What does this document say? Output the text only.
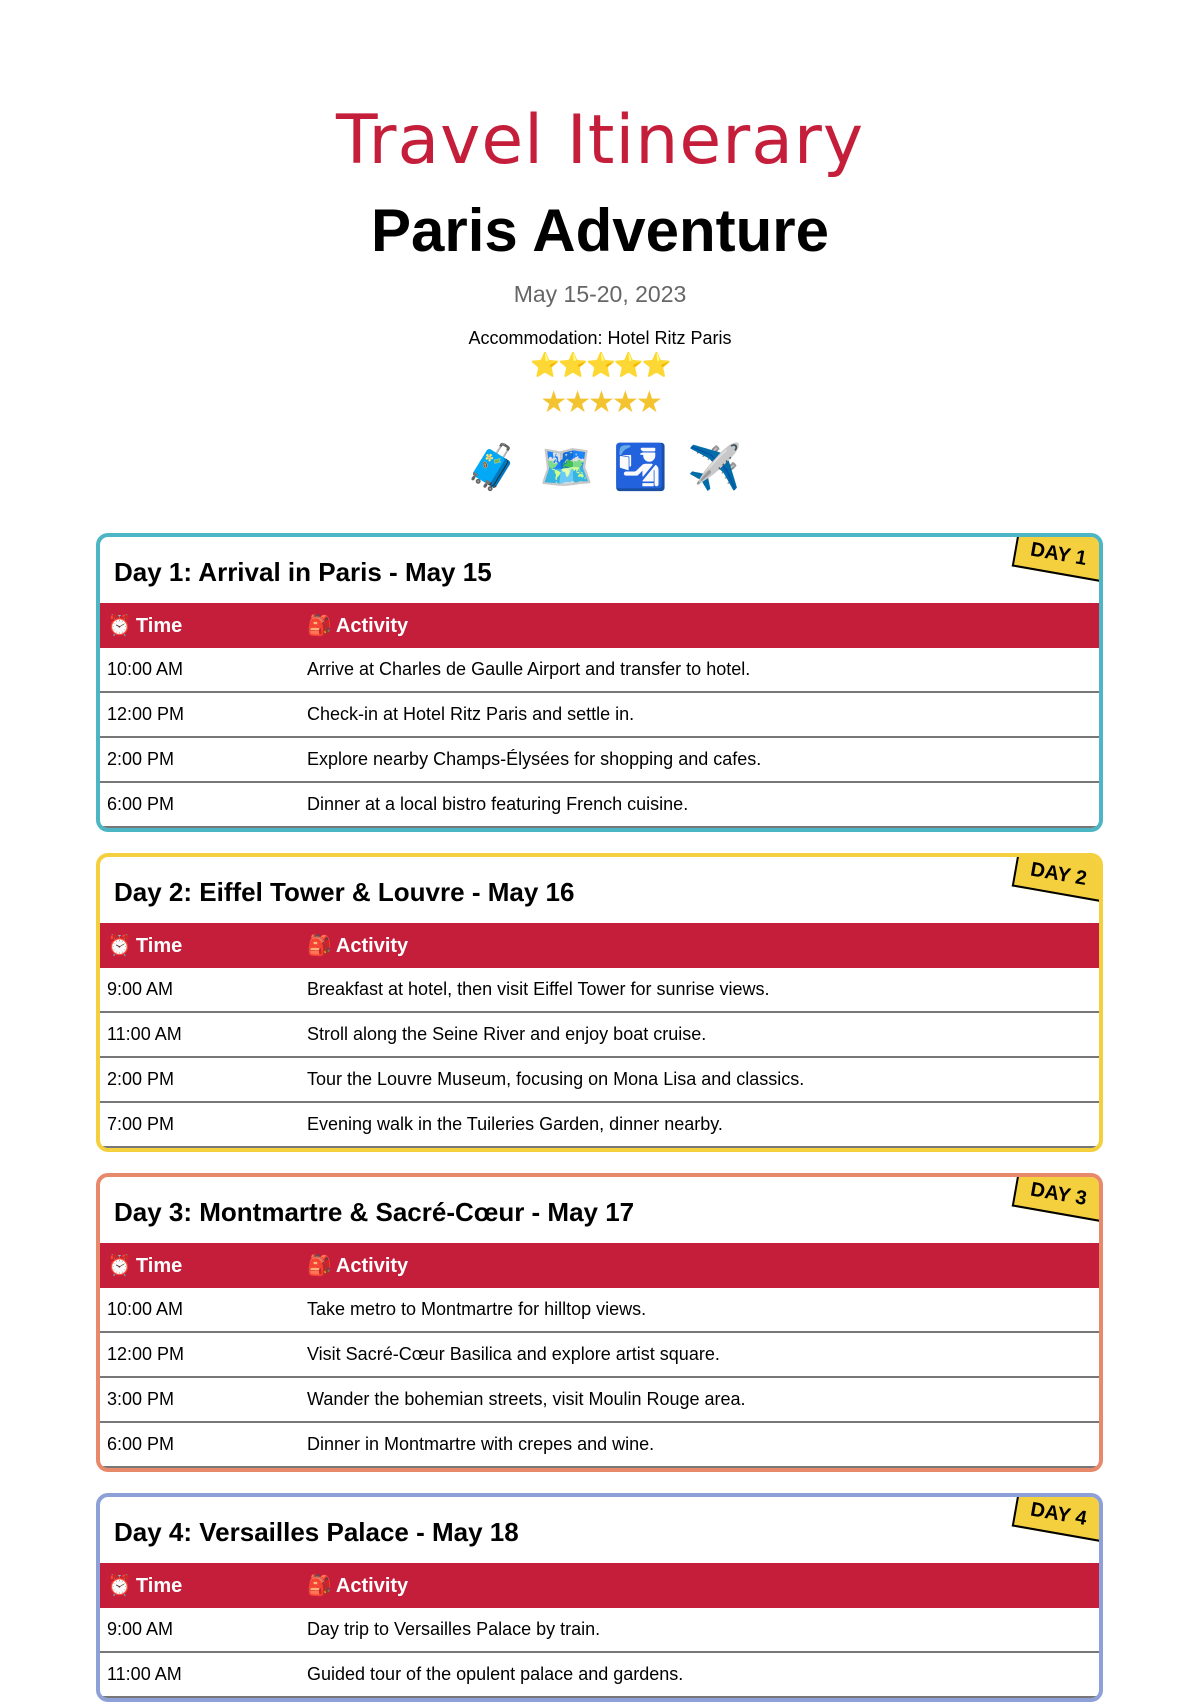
Travel Itinerary
Paris Adventure
May 15-20, 2023
Accommodation: Hotel Ritz Paris
⭐⭐⭐⭐⭐
★★★★★
🧳 🗺️ 🛂 ✈️
DAY 1
Day 1: Arrival in Paris - May 15
⏰ Time	🎒 Activity
10:00 AM	Arrive at Charles de Gaulle Airport and transfer to hotel.
12:00 PM	Check-in at Hotel Ritz Paris and settle in.
2:00 PM	Explore nearby Champs-Élysées for shopping and cafes.
6:00 PM	Dinner at a local bistro featuring French cuisine.
DAY 2
Day 2: Eiffel Tower & Louvre - May 16
⏰ Time	🎒 Activity
9:00 AM	Breakfast at hotel, then visit Eiffel Tower for sunrise views.
11:00 AM	Stroll along the Seine River and enjoy boat cruise.
2:00 PM	Tour the Louvre Museum, focusing on Mona Lisa and classics.
7:00 PM	Evening walk in the Tuileries Garden, dinner nearby.
DAY 3
Day 3: Montmartre & Sacré-Cœur - May 17
⏰ Time	🎒 Activity
10:00 AM	Take metro to Montmartre for hilltop views.
12:00 PM	Visit Sacré-Cœur Basilica and explore artist square.
3:00 PM	Wander the bohemian streets, visit Moulin Rouge area.
6:00 PM	Dinner in Montmartre with crepes and wine.
DAY 4
Day 4: Versailles Palace - May 18
⏰ Time	🎒 Activity
9:00 AM	Day trip to Versailles Palace by train.
11:00 AM	Guided tour of the opulent palace and gardens.
